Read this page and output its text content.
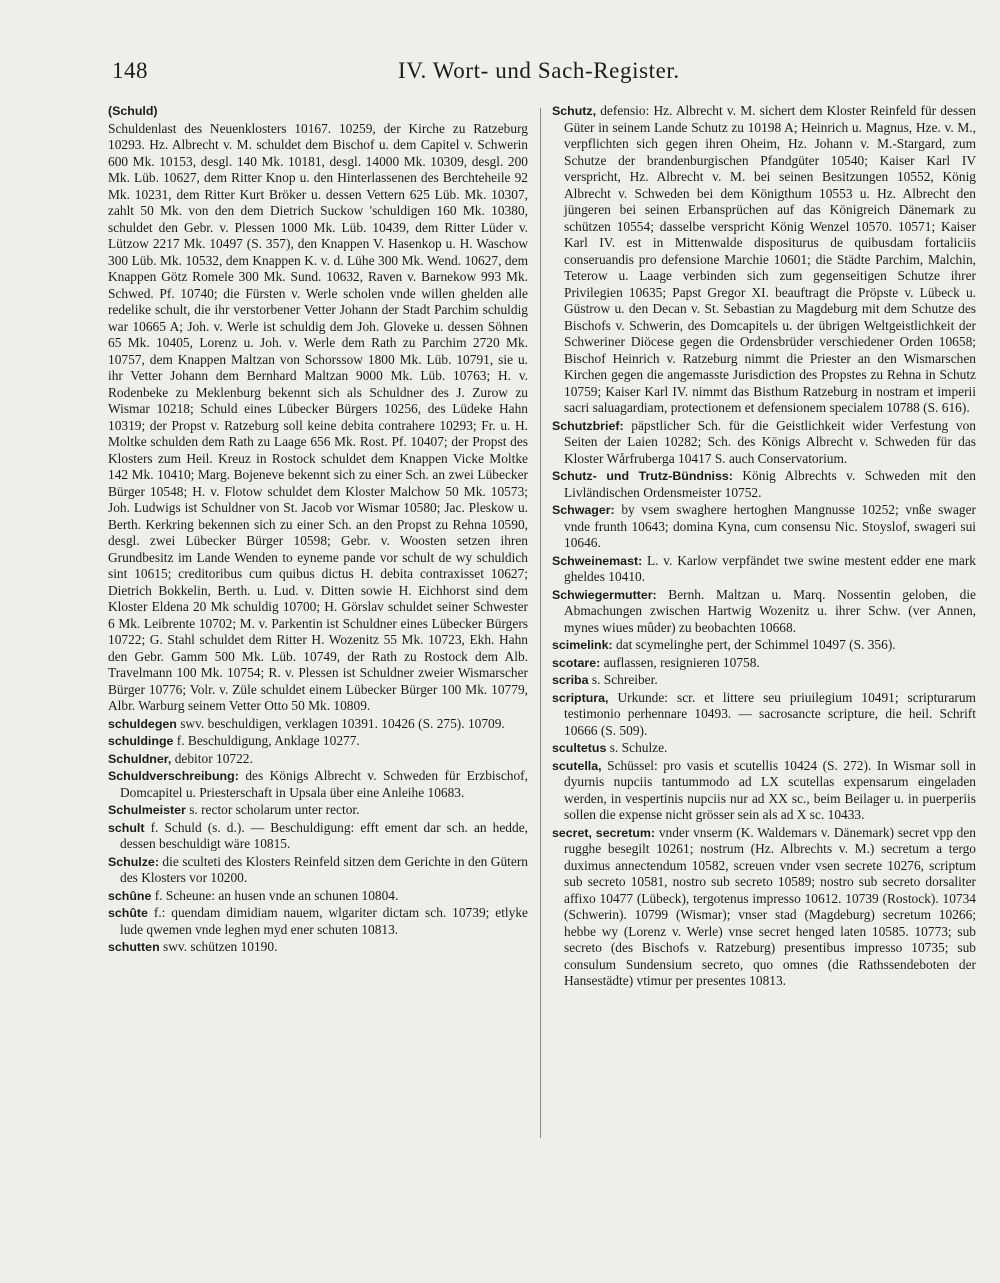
148	IV. Wort- und Sach-Register.

(Schuld)

Schuldenlast des Neuenklosters 10167. 10259, der Kirche zu Ratzeburg 10293. Hz. Albrecht v. M. schuldet dem Bischof u. dem Capitel v. Schwerin 600 Mk. 10153, desgl. 140 Mk. 10181, desgl. 14000 Mk. 10309, desgl. 200 Mk. Lüb. 10627, dem Ritter Knop u. den Hinterlassenen des Berchteheile 92 Mk. 10231, dem Ritter Kurt Bröker u. dessen Vettern 625 Lüb. Mk. 10307, zahlt 50 Mk. von den dem Dietrich Suckow 'schuldigen 160 Mk. 10380, schuldet den Gebr. v. Plessen 1000 Mk. Lüb. 10439, dem Ritter Lüder v. Lützow 2217 Mk. 10497 (S. 357), den Knappen V. Hasenkop u. H. Waschow 300 Lüb. Mk. 10532, dem Knappen K. v. d. Lühe 300 Mk. Wend. 10627, dem Knappen Götz Romele 300 Mk. Sund. 10632, Raven v. Barnekow 993 Mk. Schwed. Pf. 10740; die Fürsten v. Werle scholen vnde willen ghelden alle redelike schult, die ihr verstorbener Vetter Johann der Stadt Parchim schuldig war 10665 A; Joh. v. Werle ist schuldig dem Joh. Gloveke u. dessen Söhnen 65 Mk. 10405, Lorenz u. Joh. v. Werle dem Rath zu Parchim 2720 Mk. 10757, dem Knappen Maltzan von Schorssow 1800 Mk. Lüb. 10791, sie u. ihr Vetter Johann dem Bernhard Maltzan 9000 Mk. Lüb. 10763; H. v. Rodenbeke zu Meklenburg bekennt sich als Schuldner des J. Zurow zu Wismar 10218; Schuld eines Lübecker Bürgers 10256, des Lüdeke Hahn 10319; der Propst v. Ratzeburg soll keine debita contrahere 10293; Fr. u. H. Moltke schulden dem Rath zu Laage 656 Mk. Rost. Pf. 10407; der Propst des Klosters zum Heil. Kreuz in Rostock schuldet dem Knappen Vicke Moltke 142 Mk. 10410; Marg. Bojeneve bekennt sich zu einer Sch. an zwei Lübecker Bürger 10548; H. v. Flotow schuldet dem Kloster Malchow 50 Mk. 10573; Joh. Ludwigs ist Schuldner von St. Jacob vor Wismar 10580; Jac. Pleskow u. Berth. Kerkring bekennen sich zu einer Sch. an den Propst zu Rehna 10590, desgl. zwei Lübecker Bürger 10598; Gebr. v. Woosten setzen ihren Grundbesitz im Lande Wenden to eyneme pande vor schult de wy schuldich sint 10615; creditoribus cum quibus dictus H. debita contraxisset 10627; Dietrich Bokkelin, Berth. u. Lud. v. Ditten sowie H. Eichhorst sind dem Kloster Eldena 20 Mk schuldig 10700; H. Görslav schuldet seiner Schwester 6 Mk. Leibrente 10702; M. v. Parkentin ist Schuldner eines Lübecker Bürgers 10722; G. Stahl schuldet dem Ritter H. Wozenitz 55 Mk. 10723, Ekh. Hahn den Gebr. Gamm 500 Mk. Lüb. 10749, der Rath zu Rostock dem Alb. Travelmann 100 Mk. 10754; R. v. Plessen ist Schuldner zweier Wismarscher Bürger 10776; Volr. v. Züle schuldet einem Lübecker Bürger 100 Mk. 10779, Albr. Warburg seinem Vetter Otto 50 Mk. 10809.

schuldegen swv. beschuldigen, verklagen 10391. 10426 (S. 275). 10709.

schuldinge f. Beschuldigung, Anklage 10277.

Schuldner, debitor 10722.

Schuldverschreibung: des Königs Albrecht v. Schweden für Erzbischof, Domcapitel u. Priesterschaft in Upsala über eine Anleihe 10683.

Schulmeister s. rector scholarum unter rector.

schult f. Schuld (s. d.). — Beschuldigung: efft ement dar sch. an hedde, dessen beschuldigt wäre 10815.

Schulze: die sculteti des Klosters Reinfeld sitzen dem Gerichte in den Gütern des Klosters vor 10200.

schûne f. Scheune: an husen vnde an schunen 10804.

schûte f.: quendam dimidiam nauem, wlgariter dictam sch. 10739; etlyke lude qwemen vnde leghen myd ener schuten 10813.

schutten swv. schützen 10190.

Schutz, defensio: Hz. Albrecht v. M. sichert dem Kloster Reinfeld für dessen Güter in seinem Lande Schutz zu 10198 A; Heinrich u. Magnus, Hze. v. M., verpflichten sich gegen ihren Oheim, Hz. Johann v. M.-Stargard, zum Schutze der brandenburgischen Pfandgüter 10540; Kaiser Karl IV verspricht, Hz. Albrecht v. M. bei seinen Besitzungen 10552, König Albrecht v. Schweden bei dem Königthum 10553 u. Hz. Albrecht den jüngeren bei seinen Erbansprüchen auf das Königreich Dänemark zu schützen 10554; dasselbe verspricht König Wenzel 10570. 10571; Kaiser Karl IV. est in Mittenwalde dispositurus de quibusdam fortaliciis conseruandis pro defensione Marchie 10601; die Städte Parchim, Malchin, Teterow u. Laage verbinden sich zum gegenseitigen Schutze ihrer Privilegien 10635; Papst Gregor XI. beauftragt die Pröpste v. Lübeck u. Güstrow u. den Decan v. St. Sebastian zu Magdeburg mit dem Schutze des Bischofs v. Schwerin, des Domcapitels u. der übrigen Weltgeistlichkeit der Schweriner Diöcese gegen die Ordensbrüder verschiedener Orden 10658; Bischof Heinrich v. Ratzeburg nimmt die Priester an den Wismarschen Kirchen gegen die angemasste Jurisdiction des Propstes zu Rehna in Schutz 10759; Kaiser Karl IV. nimmt das Bisthum Ratzeburg in nostram et imperii sacri saluagardiam, protectionem et defensionem specialem 10788 (S. 616).

Schutzbrief: päpstlicher Sch. für die Geistlichkeit wider Verfestung von Seiten der Laien 10282; Sch. des Königs Albrecht v. Schweden für das Kloster Wårfruberga 10417 S. auch Conservatorium.

Schutz- und Trutz-Bündniss: König Albrechts v. Schweden mit den Livländischen Ordensmeister 10752.

Schwager: by vsem swaghere hertoghen Mangnusse 10252; vnße swager vnde frunth 10643; domina Kyna, cum consensu Nic. Stoyslof, swageri sui 10646.

Schweinemast: L. v. Karlow verpfändet twe swine mestent edder ene mark gheldes 10410.

Schwiegermutter: Bernh. Maltzan u. Marq. Nossentin geloben, die Abmachungen zwischen Hartwig Wozenitz u. ihrer Schw. (ver Annen, mynes wiues mûder) zu beobachten 10668.

scimelink: dat scymelinghe pert, der Schimmel 10497 (S. 356).

scotare: auflassen, resignieren 10758.

scriba s. Schreiber.

scriptura, Urkunde: scr. et littere seu priuilegium 10491; scripturarum testimonio perhennare 10493. — sacrosancte scripture, die heil. Schrift 10666 (S. 509).

scultetus s. Schulze.

scutella, Schüssel: pro vasis et scutellis 10424 (S. 272). In Wismar soll in dyurnis nupciis tantummodo ad LX scutellas expensarum eingeladen werden, in vespertinis nupciis nur ad XX sc., beim Beilager u. in puerperiis sollen die expense nicht grösser sein als ad X sc. 10433.

secret, secretum: vnder vnserm (K. Waldemars v. Dänemark) secret vpp den rugghe besegilt 10261; nostrum (Hz. Albrechts v. M.) secretum a tergo duximus annectendum 10582, screuen vnder vsen secrete 10276, scriptum sub secreto 10581, nostro sub secreto 10589; nostro sub secreto dorsaliter affixo 10477 (Lübeck), tergotenus impresso 10612. 10739 (Rostock). 10734 (Schwerin). 10799 (Wismar); vnser stad (Magdeburg) secretum 10266; hebbe wy (Lorenz v. Werle) vnse secret henged laten 10585. 10773; sub secreto (des Bischofs v. Ratzeburg) presentibus impresso 10735; sub consulum Sundensium secreto, quo omnes (die Rathssendeboten der Hansestädte) vtimur per presentes 10813.
